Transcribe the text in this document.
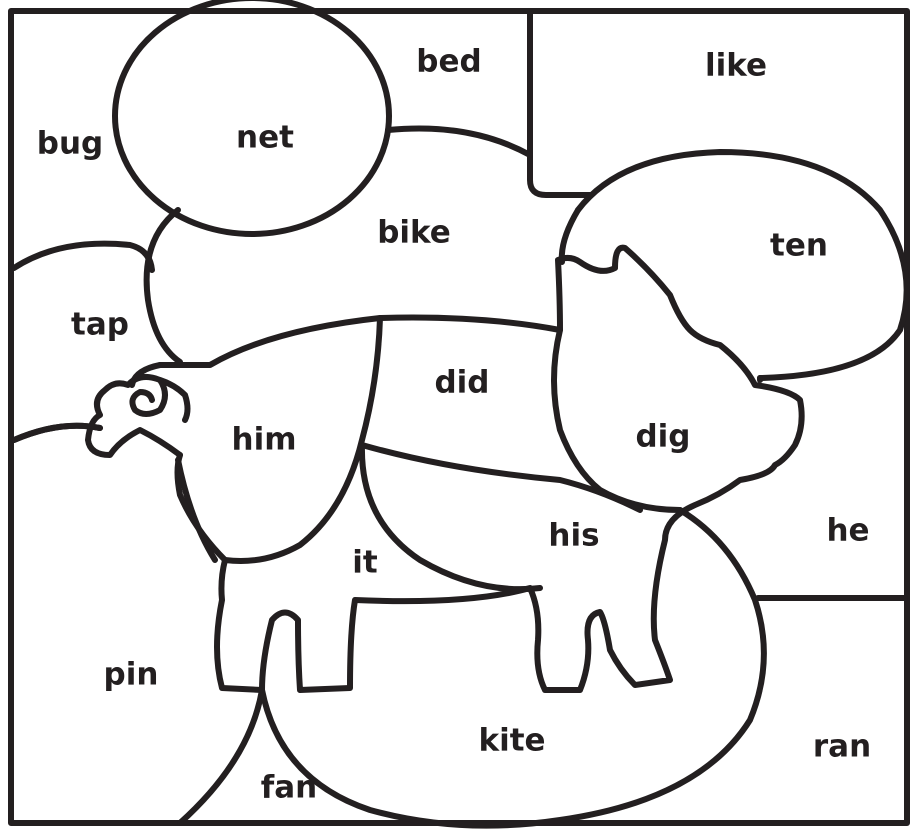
net
bed	like
bug
bike	ten
tap
did
him	dig
he
his
it
pin
kite	ran
fan
